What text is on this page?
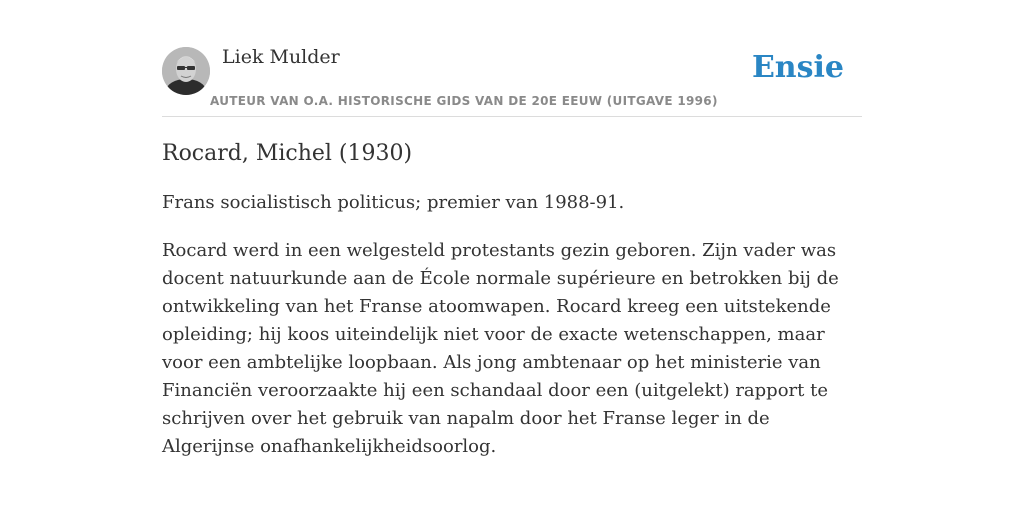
Liek Mulder
AUTEUR VAN O.A. HISTORISCHE GIDS VAN DE 20E EEUW (UITGAVE 1996)
Ensie
Rocard, Michel (1930)

Frans socialistisch politicus; premier van 1988-91.

Rocard werd in een welgesteld protestants gezin geboren. Zijn vader was docent natuurkunde aan de École normale supérieure en betrokken bij de ontwikkeling van het Franse atoomwapen. Rocard kreeg een uitstekende opleiding; hij koos uiteindelijk niet voor de exacte wetenschappen, maar voor een ambtelijke loopbaan. Als jong ambtenaar op het ministerie van Financiën veroorzaakte hij een schandaal door een (uitgelekt) rapport te schrijven over het gebruik van napalm door het Franse leger in de Algerijnse onafhankelijkheidsoorlog.
